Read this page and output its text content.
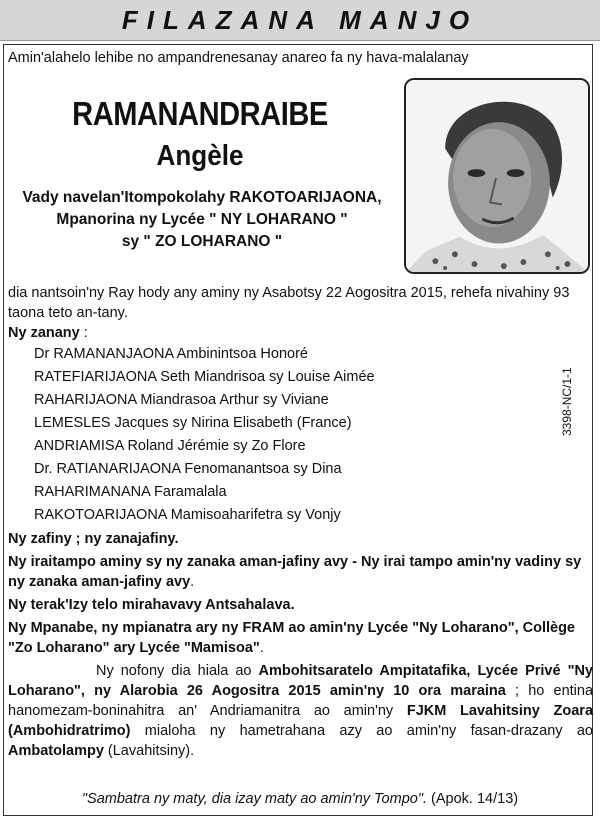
FILAZANA MANJO
Amin'alahelo lehibe no ampandrenesanay anareo fa ny hava-malalanay
RAMANANDRAIBE
Angèle
Vady navelan'Itompokolahy RAKOTOARIJAONA,
Mpanorina ny Lycée " NY LOHARANO "
sy " ZO LOHARANO "
3398-NC/1-1

dia nantsoin'ny Ray hody any aminy ny Asabotsy 22 Aogositra 2015, rehefa nivahiny 93 taona teto an-tany.

Ny zanany :

Dr RAMANANJAONA Ambinintsoa Honoré

RATEFIARIJAONA Seth Miandrisoa sy Louise Aimée

RAHARIJAONA Miandrasoa Arthur sy Viviane

LEMESLES Jacques sy Nirina Elisabeth (France)

ANDRIAMISA Roland Jérémie sy Zo Flore

Dr. RATIANARIJAONA Fenomanantsoa sy Dina

RAHARIMANANA Faramalala

RAKOTOARIJAONA Mamisoaharifetra sy Vonjy

Ny zafiny ; ny zanajafiny.

Ny iraitampo aminy sy ny zanaka aman-jafiny avy - Ny irai tampo amin'ny vadiny sy ny zanaka aman-jafiny avy.

Ny terak'Izy telo mirahavavy Antsahalava.

Ny Mpanabe, ny mpianatra ary ny FRAM ao amin'ny Lycée "Ny Loharano", Collège "Zo Loharano" ary Lycée "Mamisoa".

Ny nofony dia hiala ao Ambohitsaratelo Ampitatafika, Lycée Privé "Ny Loharano", ny Alarobia 26 Aogositra 2015 amin'ny 10 ora maraina ; ho entina hanomezam-boninahitra an' Andriamanitra ao amin'ny FJKM Lavahitsiny Zoara (Ambohidratrimo) mialoha ny hametrahana azy ao amin'ny fasan-drazany ao Ambatolampy (Lavahitsiny).

"Sambatra ny maty, dia izay maty ao amin'ny Tompo". (Apok. 14/13)
